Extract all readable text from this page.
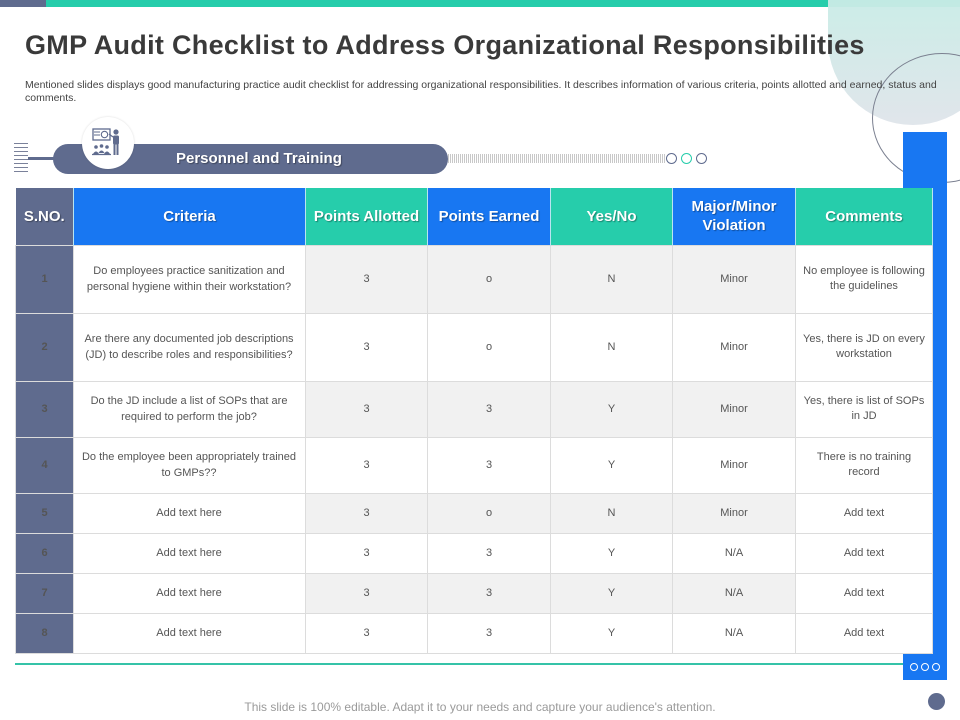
GMP Audit Checklist to Address Organizational Responsibilities

Mentioned slides displays good manufacturing practice audit checklist for addressing organizational responsibilities. It describes information of various criteria, points allotted and earned, status and comments.

Personnel and Training
S.NO.	Criteria	Points Allotted	Points Earned	Yes/No	Major/Minor Violation	Comments
1	Do employees practice sanitization and personal hygiene within their workstation?	3	o	N	Minor	No employee is following the guidelines
2	Are there any documented job descriptions (JD) to describe roles and responsibilities?	3	o	N	Minor	Yes, there is JD on every workstation
3	Do the JD include a list of SOPs that are required to perform the job?	3	3	Y	Minor	Yes, there is list of SOPs in JD
4	Do the employee been appropriately trained to GMPs??	3	3	Y	Minor	There is no training record
5	Add text here	3	o	N	Minor	Add text
6	Add text here	3	3	Y	N/A	Add text
7	Add text here	3	3	Y	N/A	Add text
8	Add text here	3	3	Y	N/A	Add text
This slide is 100% editable. Adapt it to your needs and capture your audience's attention.
